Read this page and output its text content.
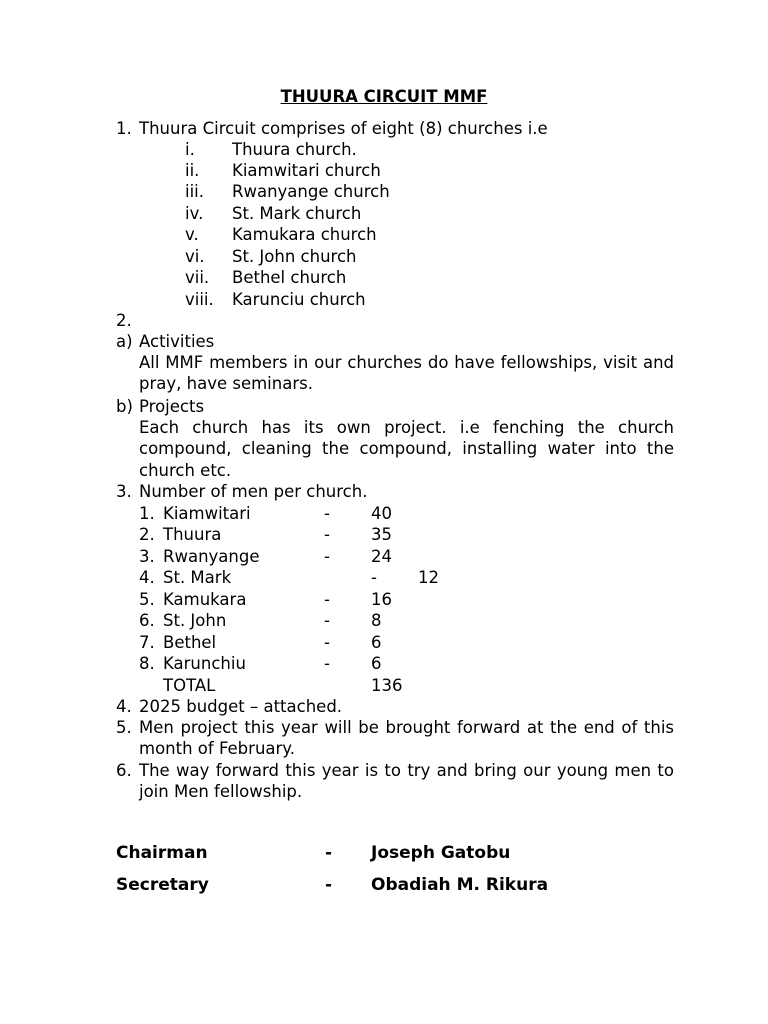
THUURA CIRCUIT MMF
1. Thuura Circuit comprises of eight (8) churches i.e
i. Thuura church.
ii. Kiamwitari church
iii. Rwanyange church
iv. St. Mark church
v. Kamukara church
vi. St. John church
vii. Bethel church
viii. Karunciu church
2.
a) Activities
All MMF members in our churches do have fellowships, visit and pray, have seminars.
b) Projects
Each church has its own project. i.e fenching the church compound, cleaning the compound, installing water into the church etc.
3. Number of men per church.
1. Kiamwitari	- 40
2. Thuura	- 35
3. Rwanyange	- 24
4. St. Mark	- 12
5. Kamukara	- 16
6. St. John	- 8
7. Bethel	- 6
8. Karunchiu	- 6
TOTAL	136
4. 2025 budget – attached.
5. Men project this year will be brought forward at the end of this month of February.
6. The way forward this year is to try and bring our young men to join Men fellowship.
Chairman	- Joseph Gatobu
Secretary	- Obadiah M. Rikura
